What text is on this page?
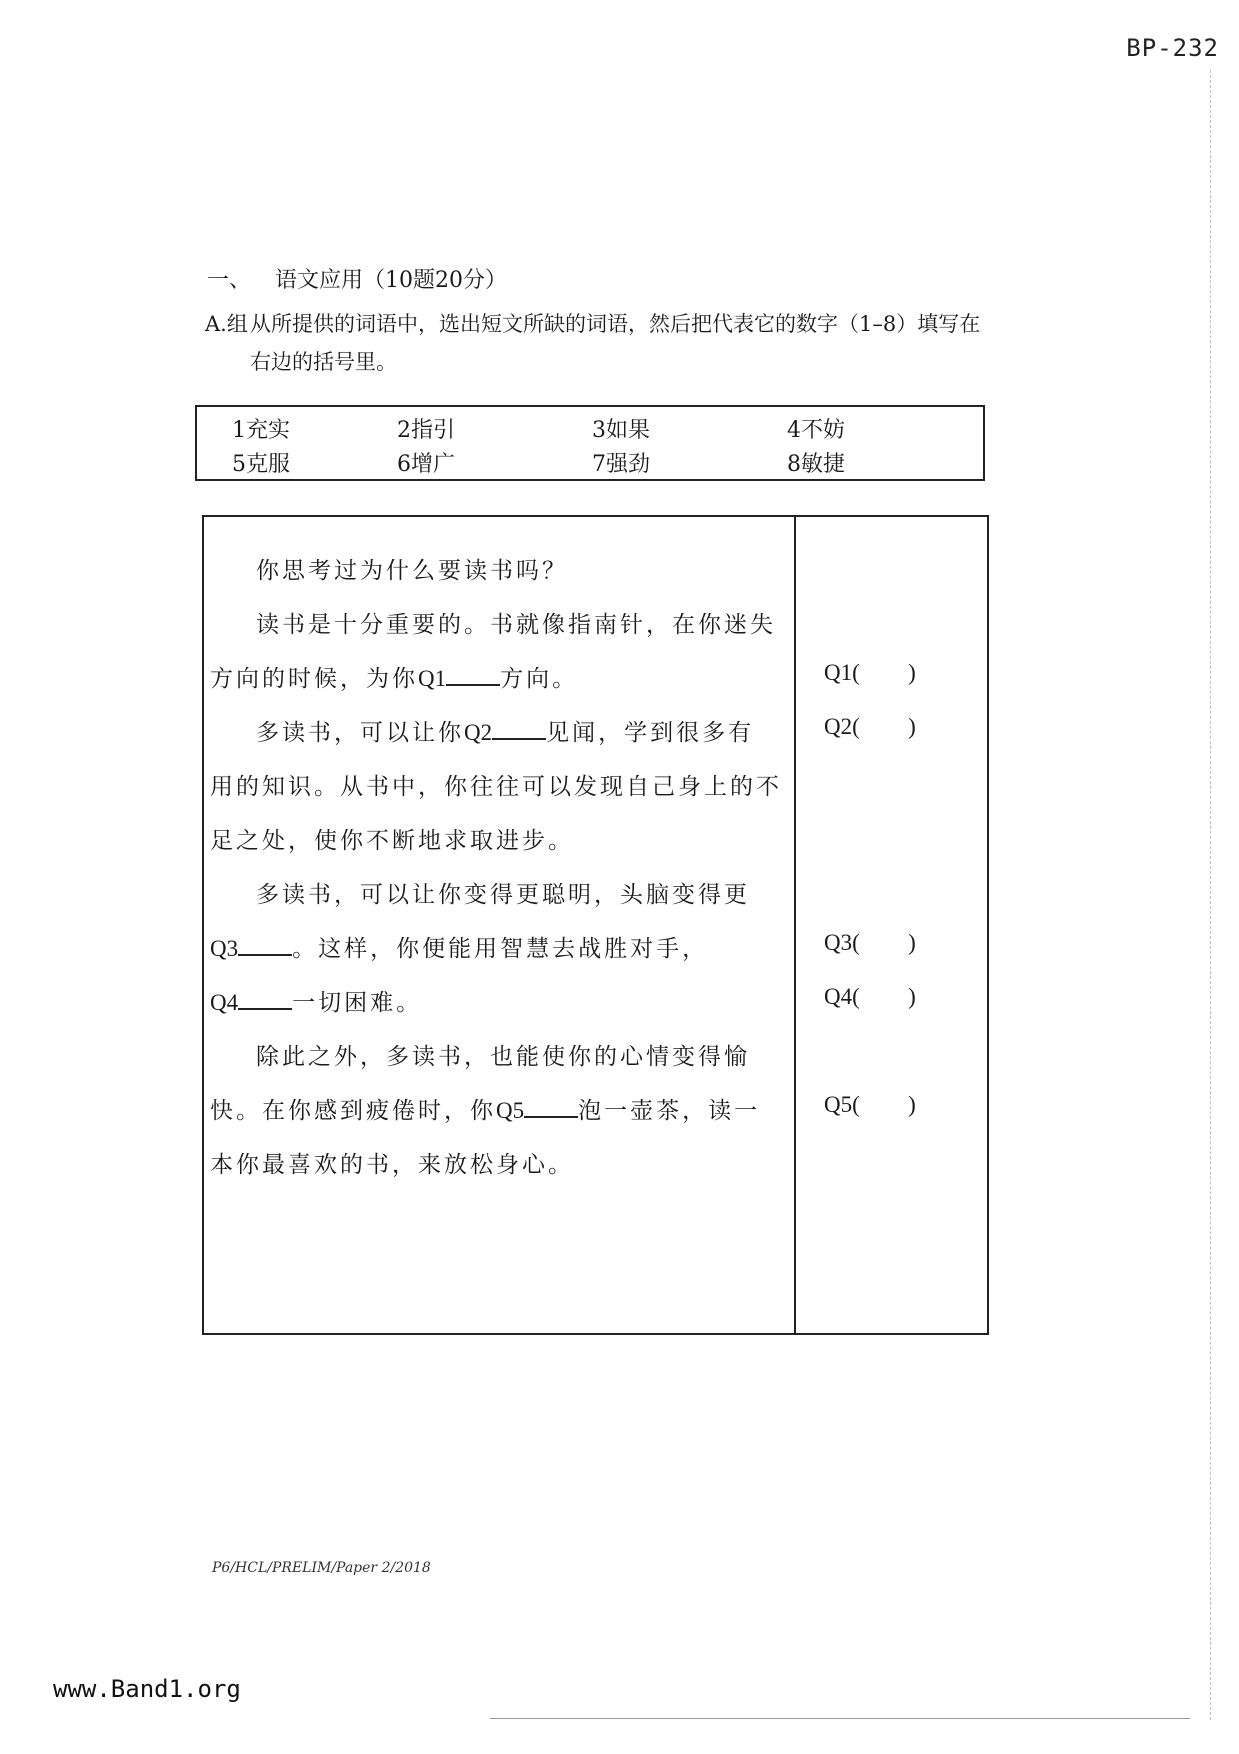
BP-232
一、 语文应用（10题20分）
A.组 从所提供的词语中，选出短文所缺的词语，然后把代表它的数字（1–8）填写在右边的括号里。
1充实	2指引	3如果	4不妨
5克服	6增广	7强劲	8敏捷
你思考过为什么要读书吗？
读书是十分重要的。书就像指南针，在你迷失
方向的时候，为你Q1 方向。
多读书，可以让你Q2 见闻，学到很多有
用的知识。从书中，你往往可以发现自己身上的不
足之处，使你不断地求取进步。
多读书，可以让你变得更聪明，头脑变得更
Q3 。这样，你便能用智慧去战胜对手，
Q4 一切困难。
除此之外，多读书，也能使你的心情变得愉
快。在你感到疲倦时，你Q5 泡一壶茶，读一
本你最喜欢的书，来放松身心。
Q1( )
Q2( )
Q3( )
Q4( )
Q5( )
P6/HCL/PRELIM/Paper 2/2018
www.Band1.org
